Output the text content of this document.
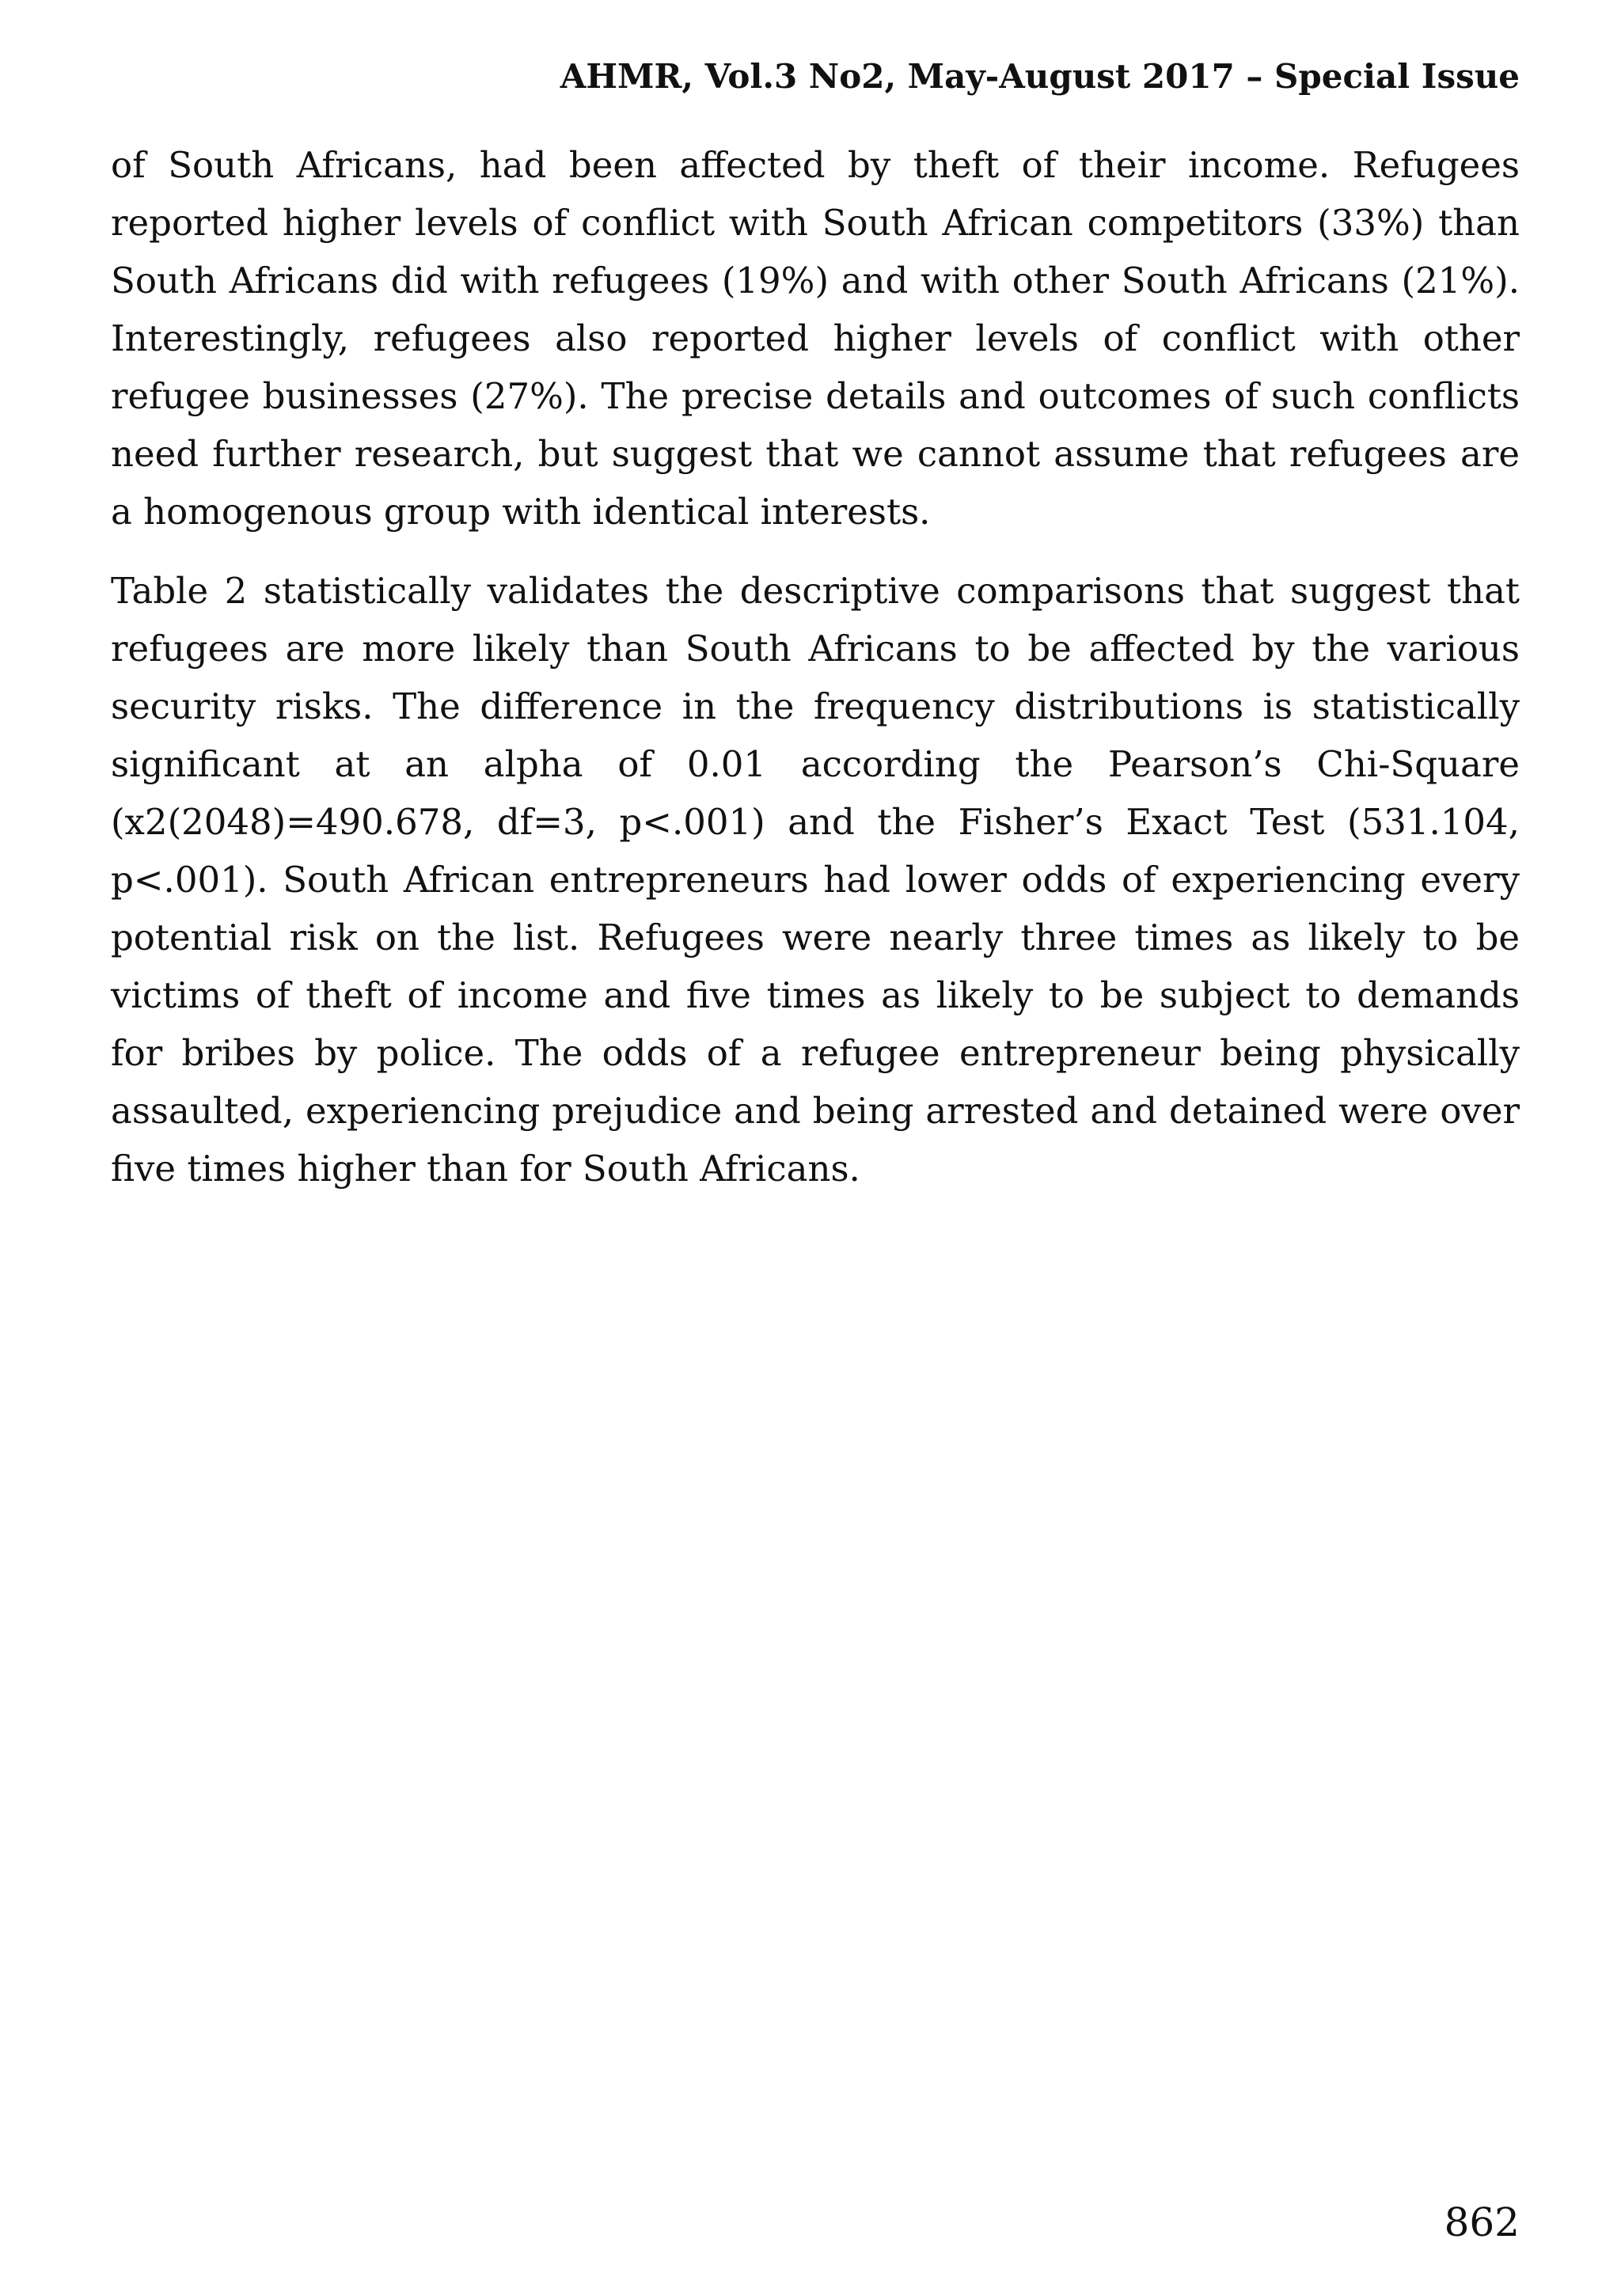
AHMR, Vol.3 No2, May-August 2017 – Special Issue

of South Africans, had been affected by theft of their income. Refugees reported higher levels of conflict with South African competitors (33%) than South Africans did with refugees (19%) and with other South Africans (21%). Interestingly, refugees also reported higher levels of conflict with other refugee businesses (27%). The precise details and outcomes of such conflicts need further research, but suggest that we cannot assume that refugees are a homogenous group with identical interests.

Table 2 statistically validates the descriptive comparisons that suggest that refugees are more likely than South Africans to be affected by the various security risks. The difference in the frequency distributions is statistically significant at an alpha of 0.01 according the Pearson’s Chi-Square (x2(2048)=490.678, df=3, p<.001) and the Fisher’s Exact Test (531.104, p<.001). South African entrepreneurs had lower odds of experiencing every potential risk on the list. Refugees were nearly three times as likely to be victims of theft of income and five times as likely to be subject to demands for bribes by police. The odds of a refugee entrepreneur being physically assaulted, experiencing prejudice and being arrested and detained were over five times higher than for South Africans.

862
